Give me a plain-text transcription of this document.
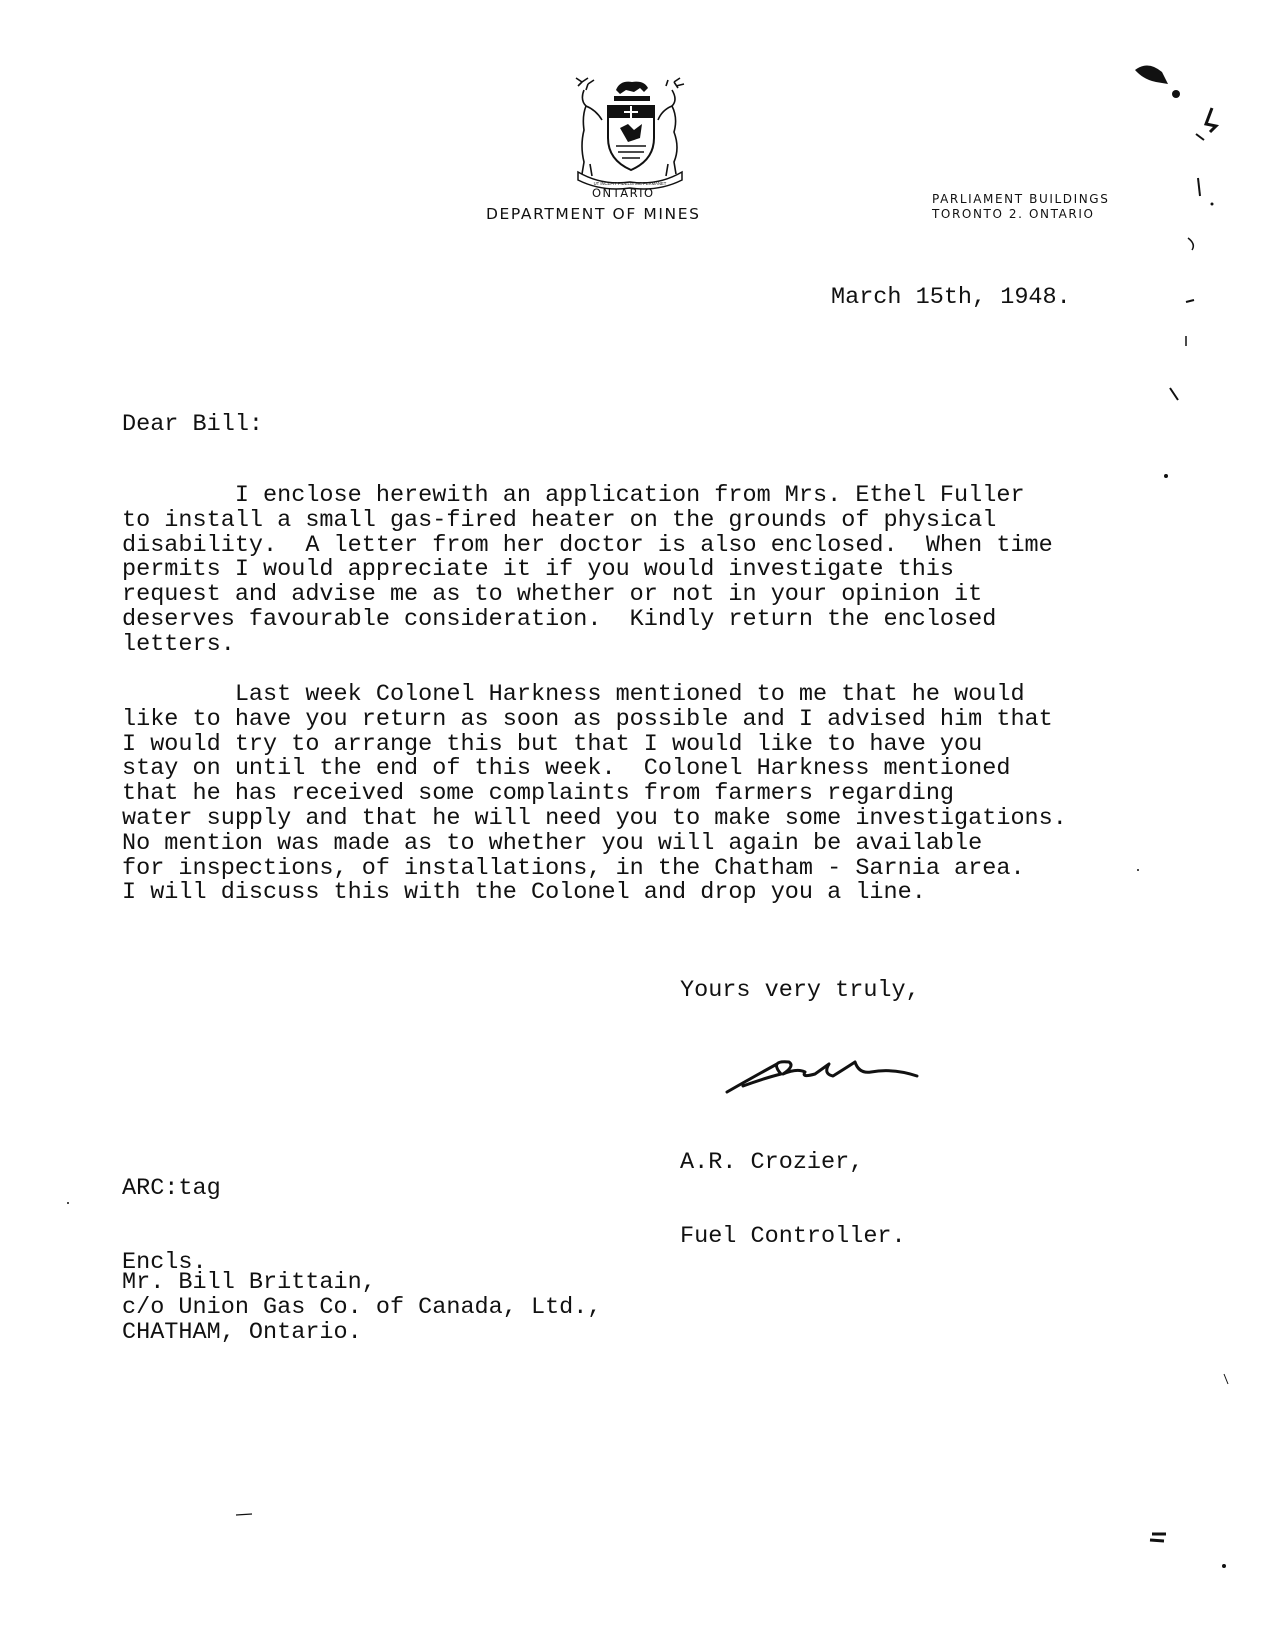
UT INCEPIT FIDELIS SIC PERMANET
ONTARIO
DEPARTMENT OF MINES
PARLIAMENT BUILDINGS
TORONTO 2. ONTARIO
March 15th, 1948.
Dear Bill:
I enclose herewith an application from Mrs. Ethel Fuller
to install a small gas-fired heater on the grounds of physical
disability.  A letter from her doctor is also enclosed.  When time
permits I would appreciate it if you would investigate this
request and advise me as to whether or not in your opinion it
deserves favourable consideration.  Kindly return the enclosed
letters.
Last week Colonel Harkness mentioned to me that he would
like to have you return as soon as possible and I advised him that
I would try to arrange this but that I would like to have you
stay on until the end of this week.  Colonel Harkness mentioned
that he has received some complaints from farmers regarding
water supply and that he will need you to make some investigations.
No mention was made as to whether you will again be available
for inspections, of installations, in the Chatham - Sarnia area.
I will discuss this with the Colonel and drop you a line.
Yours very truly,

A.R. Crozier,

Fuel Controller.

ARC:tag

Encls.

Mr. Bill Brittain,
c/o Union Gas Co. of Canada, Ltd.,
CHATHAM, Ontario.
